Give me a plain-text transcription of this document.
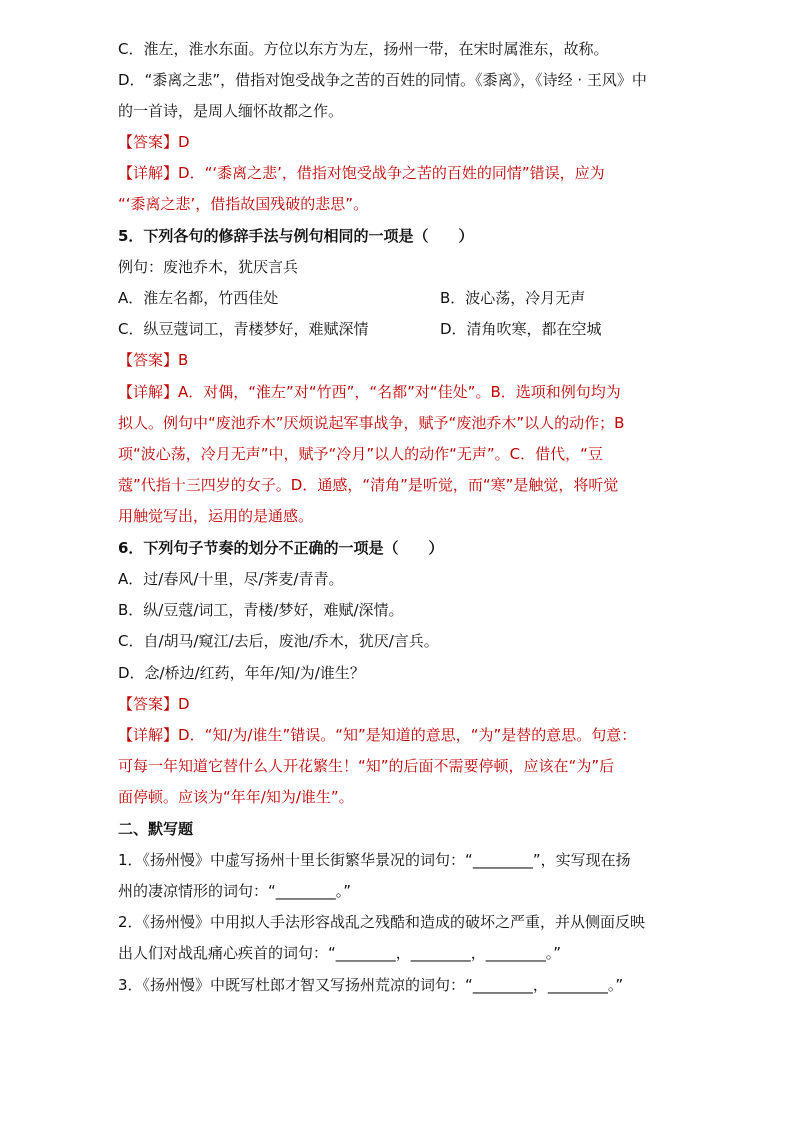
C．淮左，淮水东面。方位以东方为左，扬州一带，在宋时属淮东，故称。
D．“黍离之悲”，借指对饱受战争之苦的百姓的同情。《黍离》，《诗经 · 王风》中
的一首诗，是周人缅怀故都之作。
【答案】D
【详解】D．“‘黍离之悲’，借指对饱受战争之苦的百姓的同情”错误，应为
“‘黍离之悲’，借指故国残破的悲思”。
5．下列各句的修辞手法与例句相同的一项是（　　）
例句：废池乔木，犹厌言兵
A．淮左名都，竹西佳处	B．波心荡，冷月无声
C．纵豆蔻词工，青楼梦好，难赋深情	D．清角吹寒，都在空城
【答案】B
【详解】A．对偶，“淮左”对“竹西”，“名都”对“佳处”。B．选项和例句均为
拟人。例句中“废池乔木”厌烦说起军事战争，赋予“废池乔木”以人的动作；B
项“波心荡，冷月无声”中，赋予“冷月”以人的动作“无声”。C．借代，“豆
蔻”代指十三四岁的女子。D．通感，“清角”是听觉，而“寒”是触觉，将听觉
用触觉写出，运用的是通感。
6．下列句子节奏的划分不正确的一项是（　　）
A．过/春风/十里，尽/荠麦/青青。
B．纵/豆蔻/词工，青楼/梦好，难赋/深情。
C．自/胡马/窥江/去后，废池/乔木，犹厌/言兵。
D．念/桥边/红药，年年/知/为/谁生？
【答案】D
【详解】D．“知/为/谁生”错误。“知”是知道的意思，“为”是替的意思。句意：
可每一年知道它替什么人开花繁生！“知”的后面不需要停顿，应该在“为”后
面停顿。应该为“年年/知为/谁生”。
二、默写题
1．《扬州慢》中虚写扬州十里长街繁华景况的词句：“________”，实写现在扬
州的凄凉情形的词句：“________。”
2．《扬州慢》中用拟人手法形容战乱之残酷和造成的破坏之严重，并从侧面反映
出人们对战乱痛心疾首的词句：“________，________，________。”
3．《扬州慢》中既写杜郎才智又写扬州荒凉的词句：“________，________。”
